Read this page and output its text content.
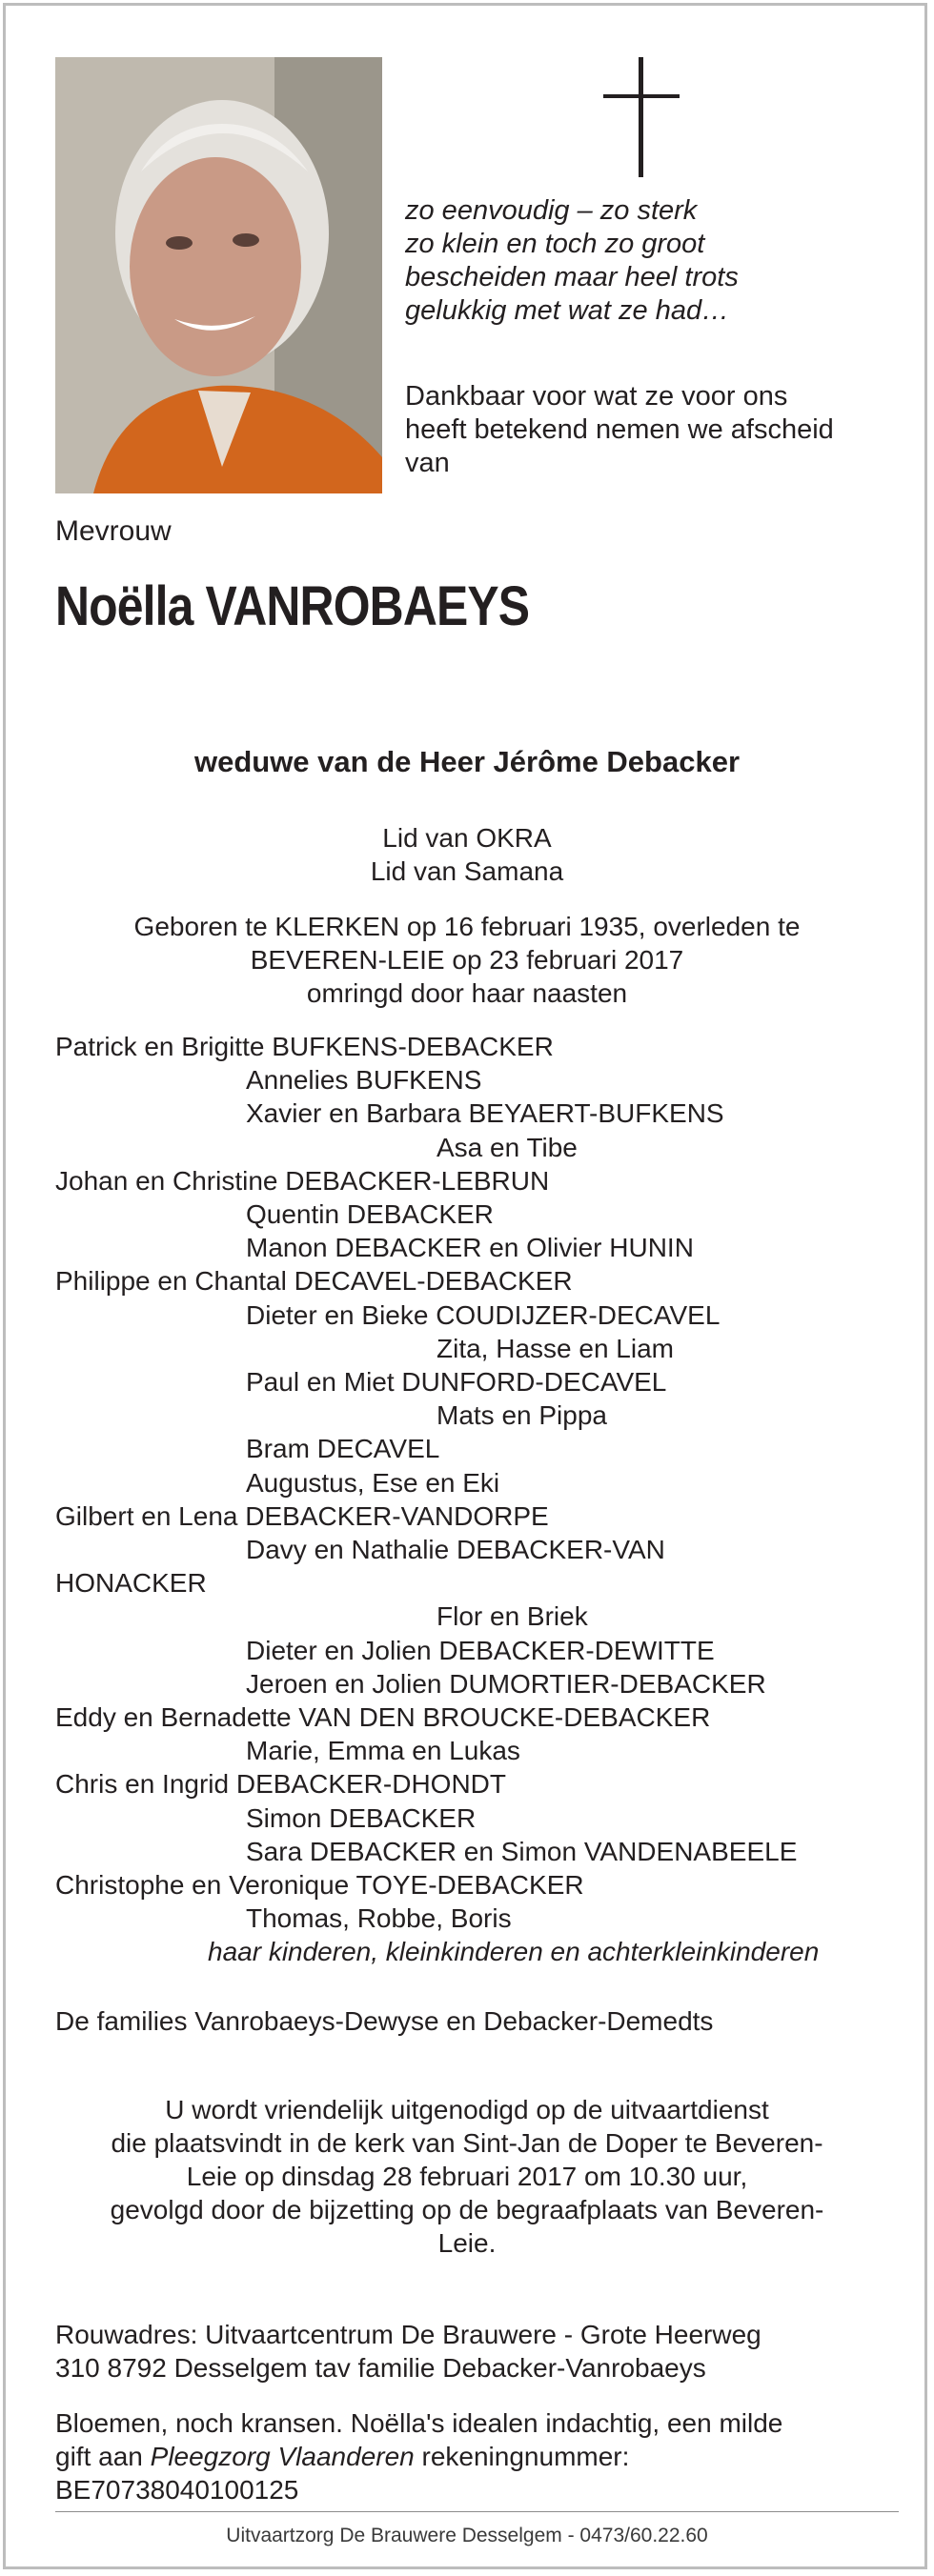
zo eenvoudig – zo sterk
zo klein en toch zo groot
bescheiden maar heel trots
gelukkig met wat ze had…
Dankbaar voor wat ze voor ons
heeft betekend nemen we afscheid
van
Mevrouw
Noëlla VANROBAEYS
weduwe van de Heer Jérôme Debacker
Lid van OKRA
Lid van Samana
Geboren te KLERKEN op 16 februari 1935, overleden te
BEVEREN-LEIE op 23 februari 2017
omringd door haar naasten
Patrick en Brigitte BUFKENS-DEBACKER
Annelies BUFKENS
Xavier en Barbara BEYAERT-BUFKENS
Asa en Tibe
Johan en Christine DEBACKER-LEBRUN
Quentin DEBACKER
Manon DEBACKER en Olivier HUNIN
Philippe en Chantal DECAVEL-DEBACKER
Dieter en Bieke COUDIJZER-DECAVEL
Zita, Hasse en Liam
Paul en Miet DUNFORD-DECAVEL
Mats en Pippa
Bram DECAVEL
Augustus, Ese en Eki
Gilbert en Lena DEBACKER-VANDORPE
Davy en Nathalie DEBACKER-VAN
HONACKER
Flor en Briek
Dieter en Jolien DEBACKER-DEWITTE
Jeroen en Jolien DUMORTIER-DEBACKER
Eddy en Bernadette VAN DEN BROUCKE-DEBACKER
Marie, Emma en Lukas
Chris en Ingrid DEBACKER-DHONDT
Simon DEBACKER
Sara DEBACKER en Simon VANDENABEELE
Christophe en Veronique TOYE-DEBACKER
Thomas, Robbe, Boris
haar kinderen, kleinkinderen en achterkleinkinderen
De families Vanrobaeys-Dewyse en Debacker-Demedts
U wordt vriendelijk uitgenodigd op de uitvaartdienst
die plaatsvindt in de kerk van Sint-Jan de Doper te Beveren-
Leie op dinsdag 28 februari 2017 om 10.30 uur,
gevolgd door de bijzetting op de begraafplaats van Beveren-
Leie.
Rouwadres: Uitvaartcentrum De Brauwere - Grote Heerweg
310 8792 Desselgem tav familie Debacker-Vanrobaeys
Bloemen, noch kransen. Noëlla's idealen indachtig, een milde
gift aan Pleegzorg Vlaanderen rekeningnummer:
BE70738040100125
Uitvaartzorg De Brauwere Desselgem - 0473/60.22.60
